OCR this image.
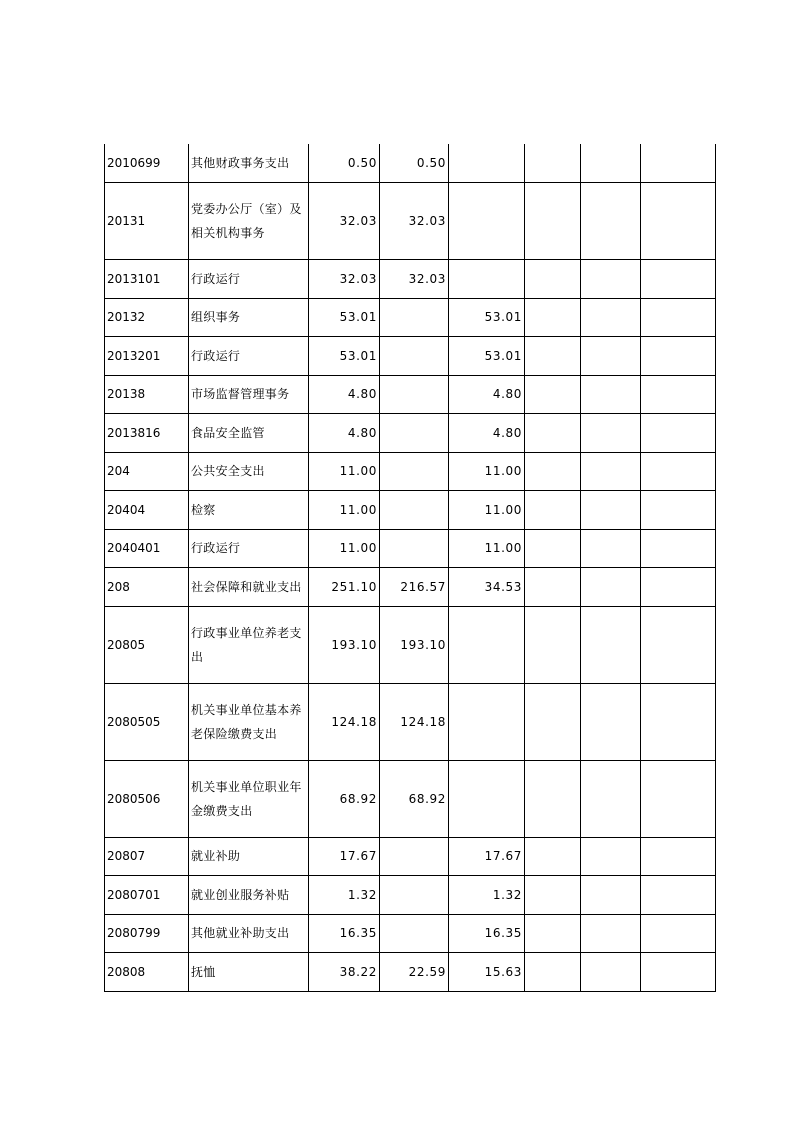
2010699	其他财政事务支出	0.50	0.50				
20131	党委办公厅（室）及相关机构事务	32.03	32.03				
2013101	行政运行	32.03	32.03				
20132	组织事务	53.01		53.01			
2013201	行政运行	53.01		53.01			
20138	市场监督管理事务	4.80		4.80			
2013816	食品安全监管	4.80		4.80			
204	公共安全支出	11.00		11.00			
20404	检察	11.00		11.00			
2040401	行政运行	11.00		11.00			
208	社会保障和就业支出	251.10	216.57	34.53			
20805	行政事业单位养老支出	193.10	193.10				
2080505	机关事业单位基本养老保险缴费支出	124.18	124.18				
2080506	机关事业单位职业年金缴费支出	68.92	68.92				
20807	就业补助	17.67		17.67			
2080701	就业创业服务补贴	1.32		1.32			
2080799	其他就业补助支出	16.35		16.35			
20808	抚恤	38.22	22.59	15.63			
